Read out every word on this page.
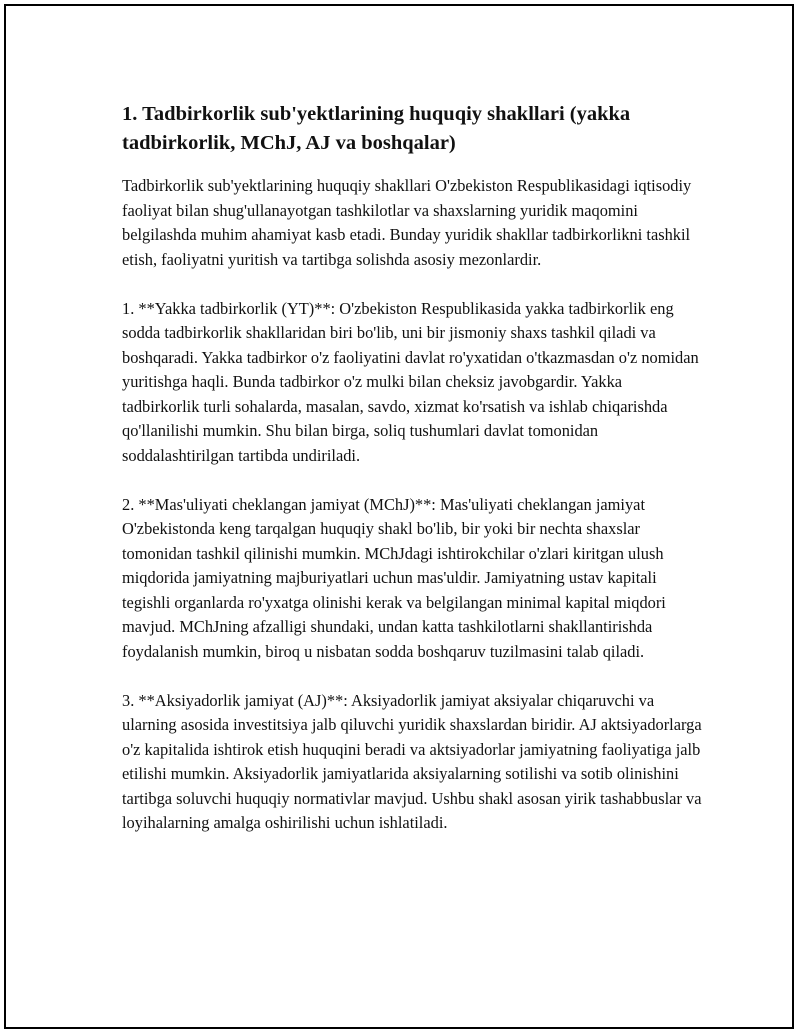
1. Tadbirkorlik sub'yektlarining huquqiy shakllari (yakka tadbirkorlik, MChJ, AJ va boshqalar)

Tadbirkorlik sub'yektlarining huquqiy shakllari O'zbekiston Respublikasidagi iqtisodiy faoliyat bilan shug'ullanayotgan tashkilotlar va shaxslarning yuridik maqomini belgilashda muhim ahamiyat kasb etadi. Bunday yuridik shakllar tadbirkorlikni tashkil etish, faoliyatni yuritish va tartibga solishda asosiy mezonlardir.

1. **Yakka tadbirkorlik (YT)**: O'zbekiston Respublikasida yakka tadbirkorlik eng sodda tadbirkorlik shakllaridan biri bo'lib, uni bir jismoniy shaxs tashkil qiladi va boshqaradi. Yakka tadbirkor o'z faoliyatini davlat ro'yxatidan o'tkazmasdan o'z nomidan yuritishga haqli. Bunda tadbirkor o'z mulki bilan cheksiz javobgardir. Yakka tadbirkorlik turli sohalarda, masalan, savdo, xizmat ko'rsatish va ishlab chiqarishda qo'llanilishi mumkin. Shu bilan birga, soliq tushumlari davlat tomonidan soddalashtirilgan tartibda undiriladi.

2. **Mas'uliyati cheklangan jamiyat (MChJ)**: Mas'uliyati cheklangan jamiyat O'zbekistonda keng tarqalgan huquqiy shakl bo'lib, bir yoki bir nechta shaxslar tomonidan tashkil qilinishi mumkin. MChJdagi ishtirokchilar o'zlari kiritgan ulush miqdorida jamiyatning majburiyatlari uchun mas'uldir. Jamiyatning ustav kapitali tegishli organlarda ro'yxatga olinishi kerak va belgilangan minimal kapital miqdori mavjud. MChJning afzalligi shundaki, undan katta tashkilotlarni shakllantirishda foydalanish mumkin, biroq u nisbatan sodda boshqaruv tuzilmasini talab qiladi.

3. **Aksiyadorlik jamiyat (AJ)**: Aksiyadorlik jamiyat aksiyalar chiqaruvchi va ularning asosida investitsiya jalb qiluvchi yuridik shaxslardan biridir. AJ aktsiyadorlarga o'z kapitalida ishtirok etish huquqini beradi va aktsiyadorlar jamiyatning faoliyatiga jalb etilishi mumkin. Aksiyadorlik jamiyatlarida aksiyalarning sotilishi va sotib olinishini tartibga soluvchi huquqiy normativlar mavjud. Ushbu shakl asosan yirik tashabbuslar va loyihalarning amalga oshirilishi uchun ishlatiladi.
